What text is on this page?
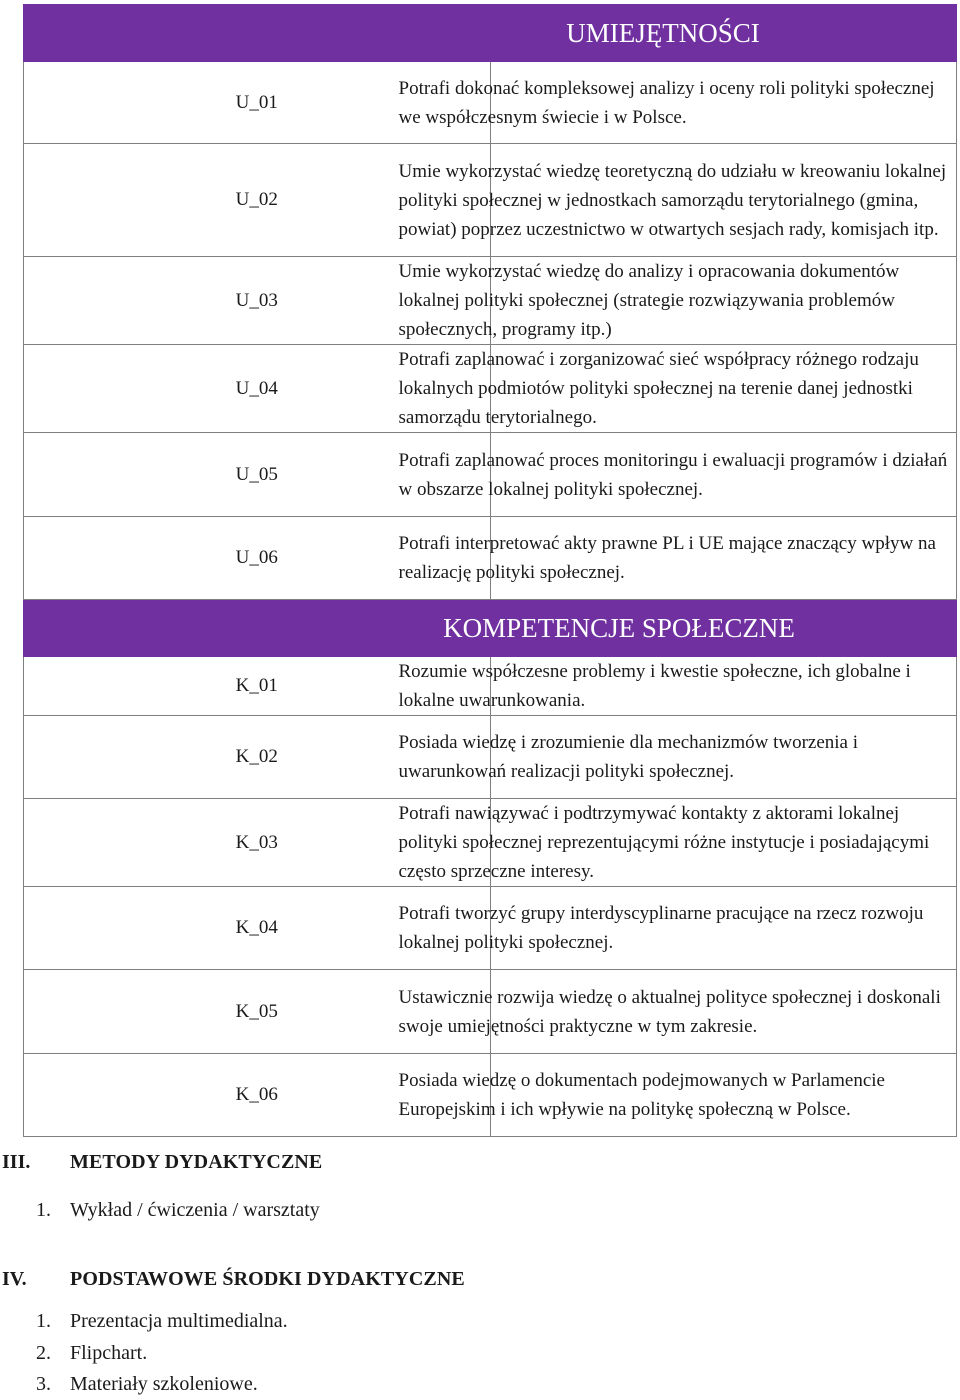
UMIEJĘTNOŚCI	
U_01	Potrafi dokonać kompleksowej analizy i oceny roli polityki społecznej we współczesnym świecie i w Polsce.

U_02	Umie wykorzystać wiedzę teoretyczną do udziału w kreowaniu lokalnej polityki społecznej w jednostkach samorządu terytorialnego (gmina, powiat) poprzez uczestnictwo w otwartych sesjach rady, komisjach itp.

U_03	Umie wykorzystać wiedzę do analizy i opracowania dokumentów lokalnej polityki społecznej (strategie rozwiązywania problemów społecznych, programy itp.)

U_04	Potrafi zaplanować i zorganizować sieć współpracy różnego rodzaju lokalnych podmiotów polityki społecznej na terenie danej jednostki samorządu terytorialnego.

U_05	Potrafi zaplanować proces monitoringu i ewaluacji programów i działań w obszarze lokalnej polityki społecznej.

U_06	Potrafi interpretować akty prawne PL i UE mające znaczący wpływ na realizację polityki społecznej.

KOMPETENCJE SPOŁECZNE	
K_01	Rozumie współczesne problemy i kwestie społeczne, ich globalne i lokalne uwarunkowania.

K_02	Posiada wiedzę i zrozumienie dla mechanizmów tworzenia i uwarunkowań realizacji polityki społecznej.

K_03	Potrafi nawiązywać i podtrzymywać kontakty z aktorami lokalnej polityki społecznej reprezentującymi różne instytucje i posiadającymi często sprzeczne interesy.

K_04	Potrafi tworzyć grupy interdyscyplinarne pracujące na rzecz rozwoju lokalnej polityki społecznej.

K_05	Ustawicznie rozwija wiedzę o aktualnej polityce społecznej i doskonali swoje umiejętności praktyczne w tym zakresie.

K_06	Posiada wiedzę o dokumentach podejmowanych w Parlamencie Europejskim i ich wpływie na politykę społeczną w Polsce.
III. METODY DYDAKTYCZNE
1. Wykład / ćwiczenia / warsztaty
IV. PODSTAWOWE ŚRODKI DYDAKTYCZNE
1. Prezentacja multimedialna.
2. Flipchart.
3. Materiały szkoleniowe.
